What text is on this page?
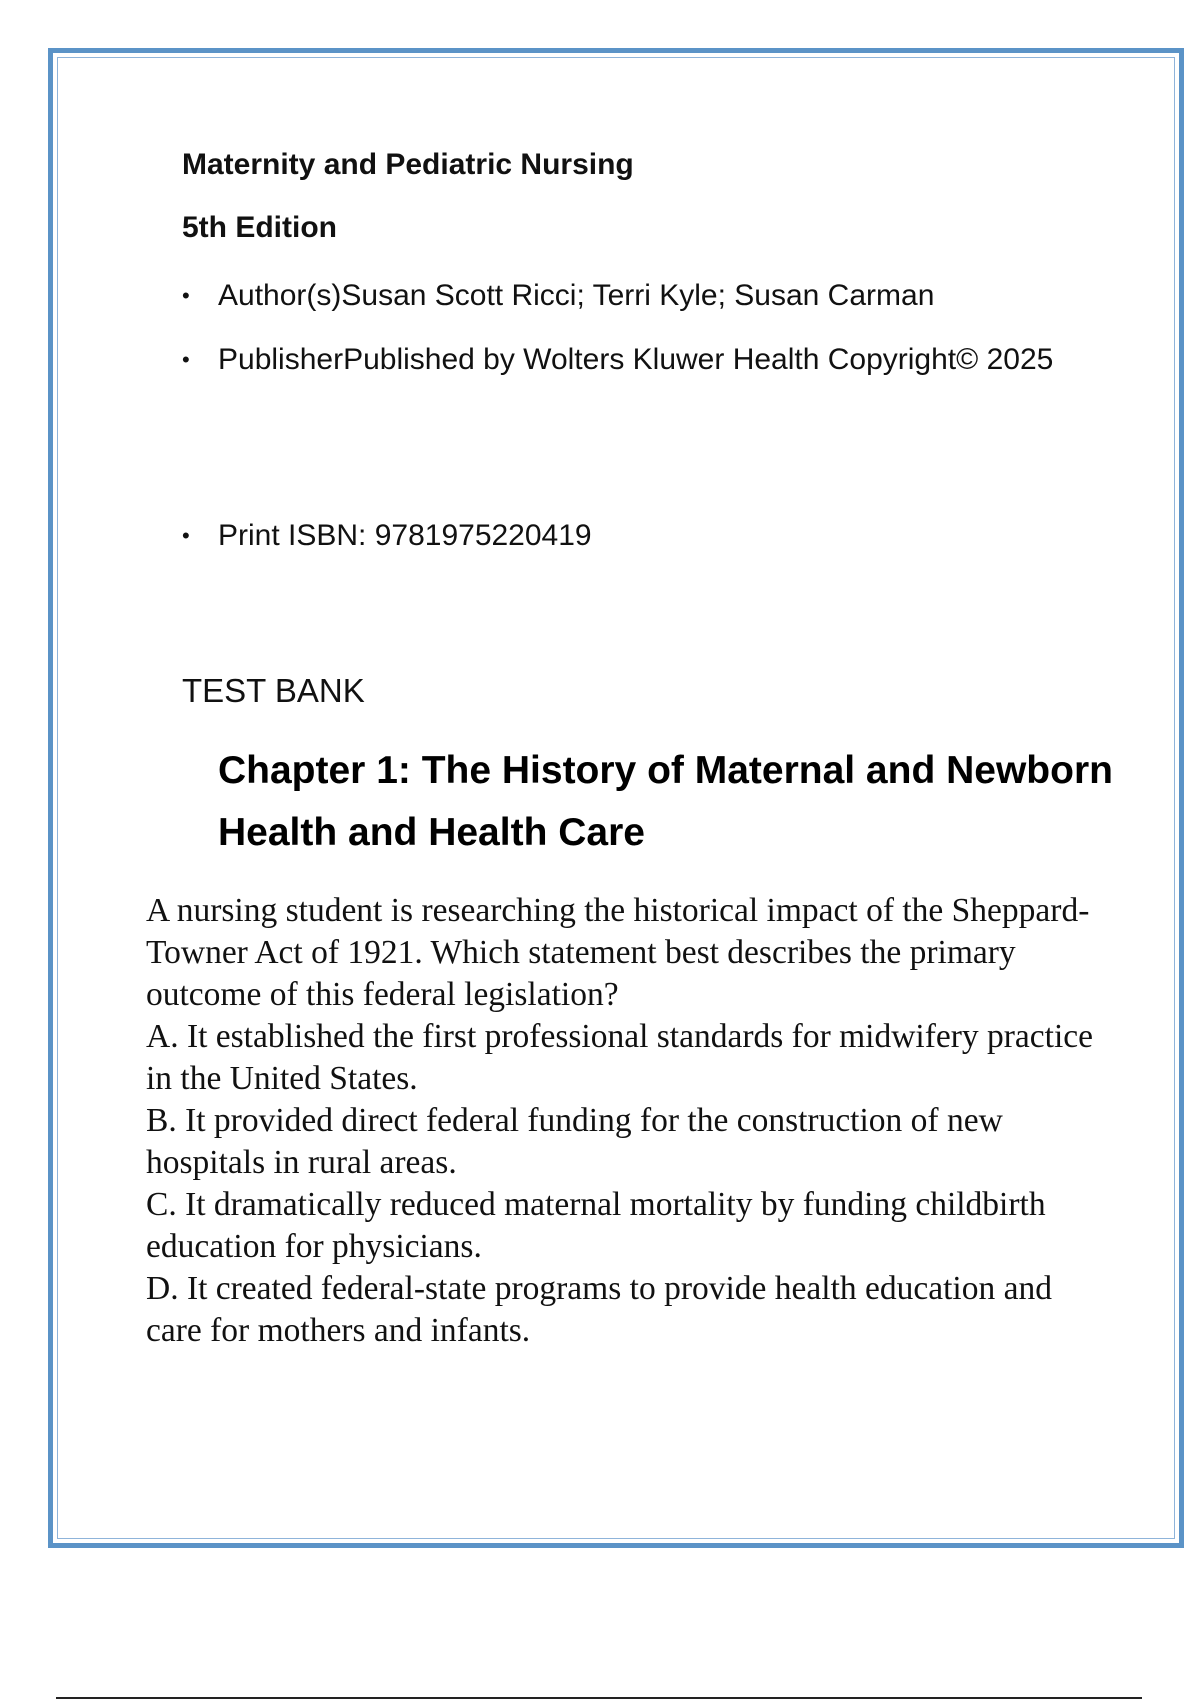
Maternity and Pediatric Nursing
5th Edition
• Author(s)Susan Scott Ricci; Terri Kyle; Susan Carman
• PublisherPublished by Wolters Kluwer Health Copyright© 2025
• Print ISBN: 9781975220419

TEST BANK

Chapter 1: The History of Maternal and Newborn Health and Health Care

A nursing student is researching the historical impact of the Sheppard-Towner Act of 1921. Which statement best describes the primary outcome of this federal legislation?

A. It established the first professional standards for midwifery practice in the United States.

B. It provided direct federal funding for the construction of new hospitals in rural areas.

C. It dramatically reduced maternal mortality by funding childbirth education for physicians.

D. It created federal-state programs to provide health education and care for mothers and infants.
